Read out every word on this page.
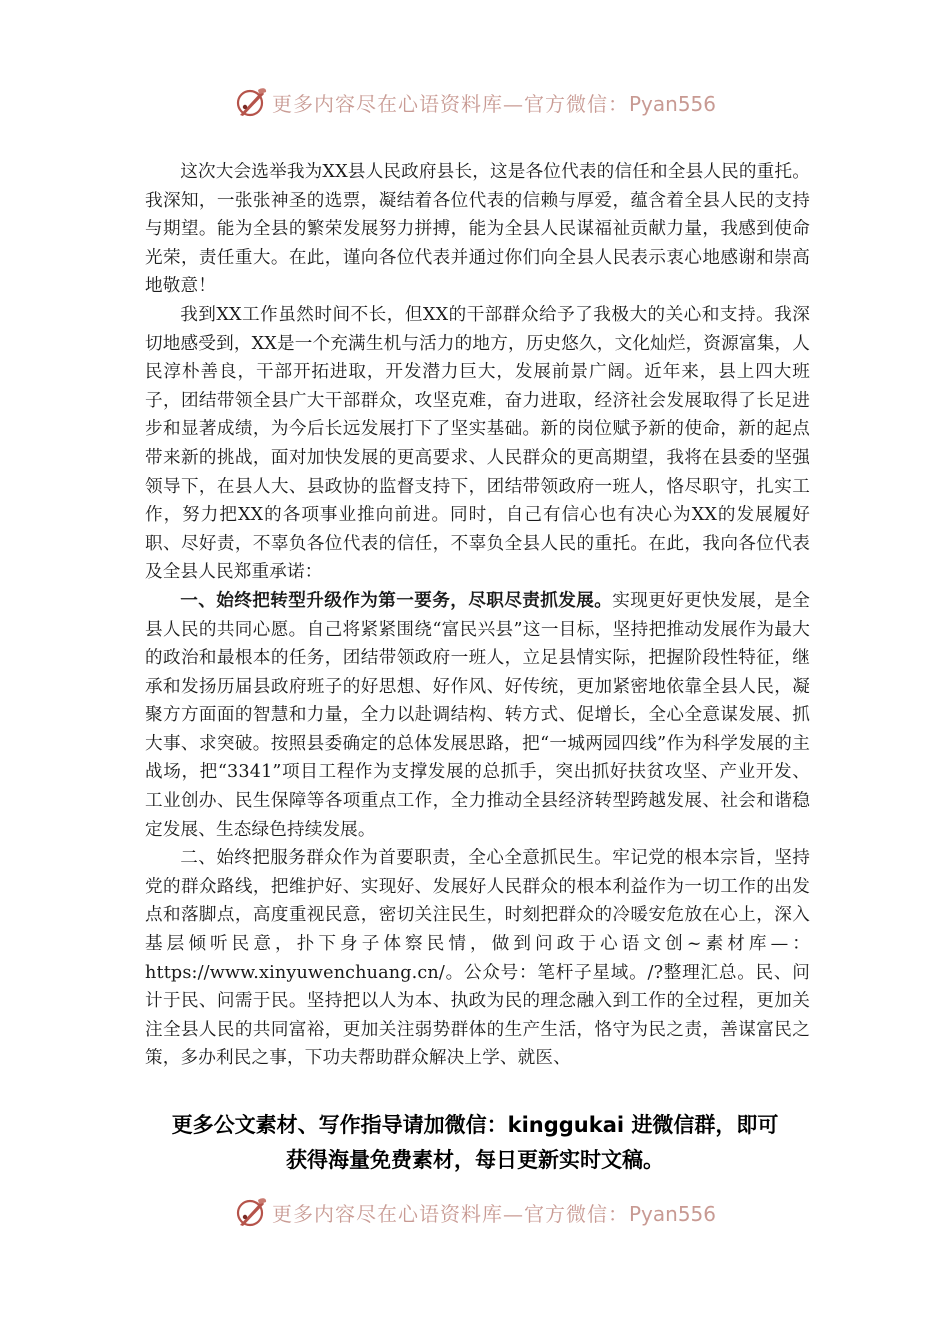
更多内容尽在心语资料库—官方微信：Pyan556

这次大会选举我为XX县人民政府县长，这是各位代表的信任和全县人民的重托。我深知，一张张神圣的选票，凝结着各位代表的信赖与厚爱，蕴含着全县人民的支持与期望。能为全县的繁荣发展努力拼搏，能为全县人民谋福祉贡献力量，我感到使命光荣，责任重大。在此，谨向各位代表并通过你们向全县人民表示衷心地感谢和崇高地敬意！

我到XX工作虽然时间不长，但XX的干部群众给予了我极大的关心和支持。我深切地感受到，XX是一个充满生机与活力的地方，历史悠久，文化灿烂，资源富集，人民淳朴善良，干部开拓进取，开发潜力巨大，发展前景广阔。近年来，县上四大班子，团结带领全县广大干部群众，攻坚克难，奋力进取，经济社会发展取得了长足进步和显著成绩，为今后长远发展打下了坚实基础。新的岗位赋予新的使命，新的起点带来新的挑战，面对加快发展的更高要求、人民群众的更高期望，我将在县委的坚强领导下，在县人大、县政协的监督支持下，团结带领政府一班人，恪尽职守，扎实工作，努力把XX的各项事业推向前进。同时，自己有信心也有决心为XX的发展履好职、尽好责，不辜负各位代表的信任，不辜负全县人民的重托。在此，我向各位代表及全县人民郑重承诺：

一、始终把转型升级作为第一要务，尽职尽责抓发展。实现更好更快发展，是全县人民的共同心愿。自己将紧紧围绕“富民兴县”这一目标，坚持把推动发展作为最大的政治和最根本的任务，团结带领政府一班人，立足县情实际，把握阶段性特征，继承和发扬历届县政府班子的好思想、好作风、好传统，更加紧密地依靠全县人民，凝聚方方面面的智慧和力量，全力以赴调结构、转方式、促增长，全心全意谋发展、抓大事、求突破。按照县委确定的总体发展思路，把“一城两园四线”作为科学发展的主战场，把“3341”项目工程作为支撑发展的总抓手，突出抓好扶贫攻坚、产业开发、工业创办、民生保障等各项重点工作，全力推动全县经济转型跨越发展、社会和谐稳定发展、生态绿色持续发展。

二、始终把服务群众作为首要职责，全心全意抓民生。牢记党的根本宗旨，坚持党的群众路线，把维护好、实现好、发展好人民群众的根本利益作为一切工作的出发点和落脚点，高度重视民意，密切关注民生，时刻把群众的冷暖安危放在心上，深入基层倾听民意，扑下身子体察民情，做到问政于心语文创~素材库—：https://www.xinyuwenchuang.cn/。公众号：笔杆子星域。/?整理汇总。民、问计于民、问需于民。坚持把以人为本、执政为民的理念融入到工作的全过程，更加关注全县人民的共同富裕，更加关注弱势群体的生产生活，恪守为民之责，善谋富民之策，多办利民之事，下功夫帮助群众解决上学、就医、

更多公文素材、写作指导请加微信：kinggukai 进微信群，即可
获得海量免费素材，每日更新实时文稿。
更多内容尽在心语资料库—官方微信：Pyan556
